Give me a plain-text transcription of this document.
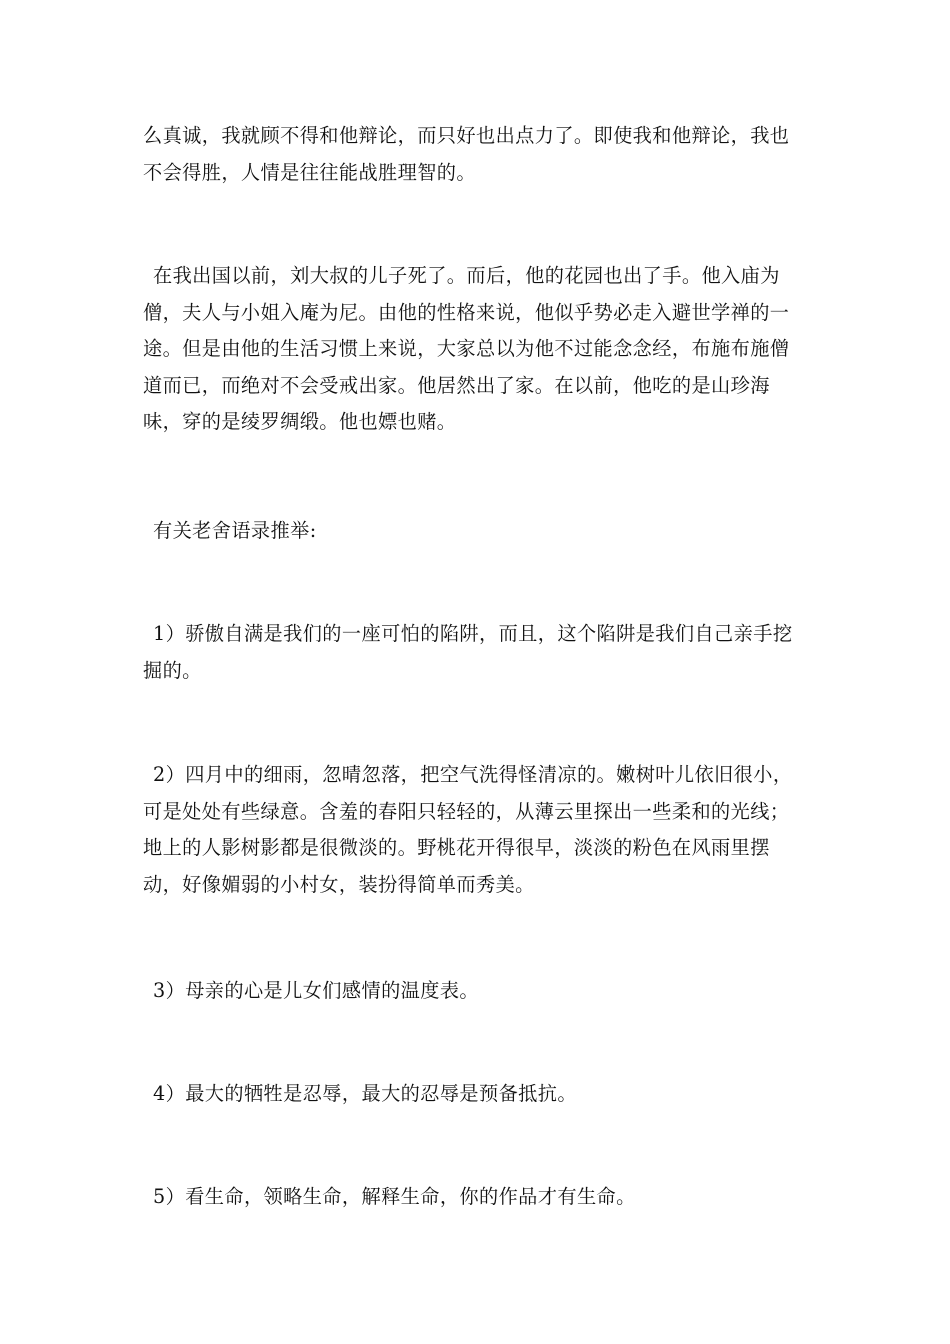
么真诚，我就顾不得和他辩论，而只好也出点力了。即使我和他辩论，我也不会得胜，人情是往往能战胜理智的。

在我出国以前，刘大叔的儿子死了。而后，他的花园也出了手。他入庙为僧，夫人与小姐入庵为尼。由他的性格来说，他似乎势必走入避世学禅的一途。但是由他的生活习惯上来说，大家总以为他不过能念念经，布施布施僧道而已，而绝对不会受戒出家。他居然出了家。在以前，他吃的是山珍海味，穿的是绫罗绸缎。他也嫖也赌。

有关老舍语录推举:

1）骄傲自满是我们的一座可怕的陷阱，而且，这个陷阱是我们自己亲手挖掘的。

2）四月中的细雨，忽晴忽落，把空气洗得怪清凉的。嫩树叶儿依旧很小，可是处处有些绿意。含羞的春阳只轻轻的，从薄云里探出一些柔和的光线；地上的人影树影都是很微淡的。野桃花开得很早，淡淡的粉色在风雨里摆动，好像媚弱的小村女，装扮得简单而秀美。

3）母亲的心是儿女们感情的温度表。

4）最大的牺牲是忍辱，最大的忍辱是预备抵抗。

5）看生命，领略生命，解释生命，你的作品才有生命。
